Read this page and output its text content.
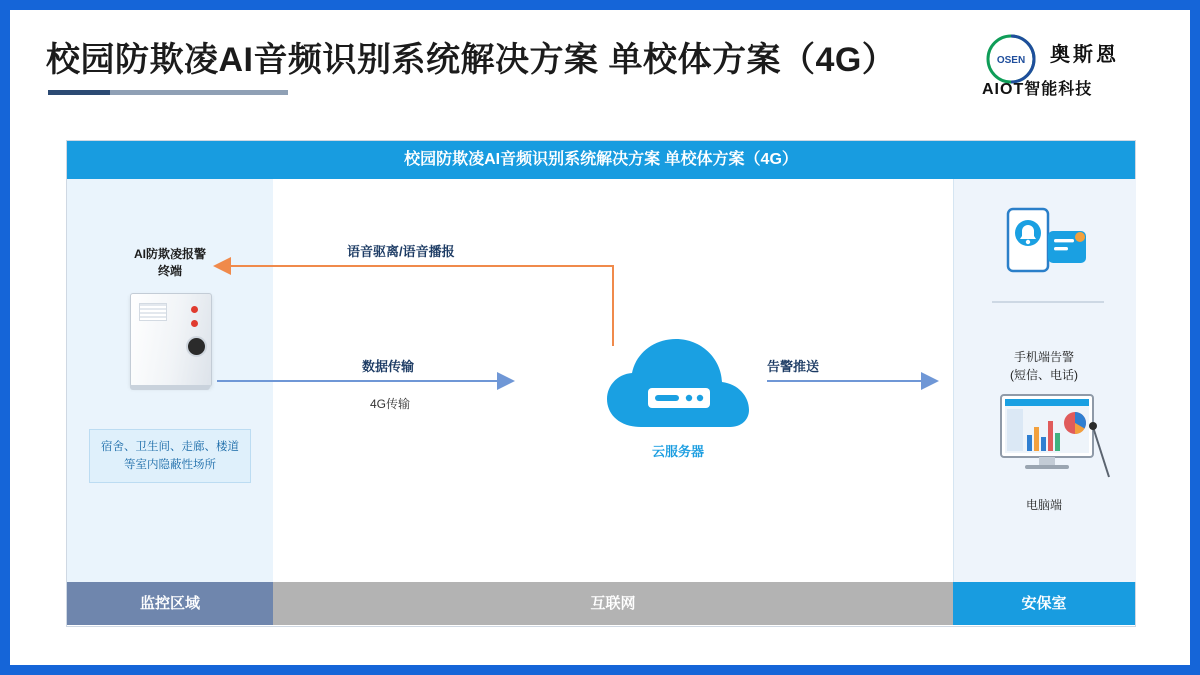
校园防欺凌AI音频识别系统解决方案 单校体方案（4G）	OSEN 奥斯恩
AIOT智能科技
校园防欺凌AI音频识别系统解决方案 单校体方案（4G）
AI防欺凌报警
终端
宿舍、卫生间、走廊、楼道等室内隐蔽性场所
云服务器
数据传输
4G传输
语音驱离/语音播报
告警推送
手机端告警
(短信、电话)
电脑端
监控区域	互联网	安保室
